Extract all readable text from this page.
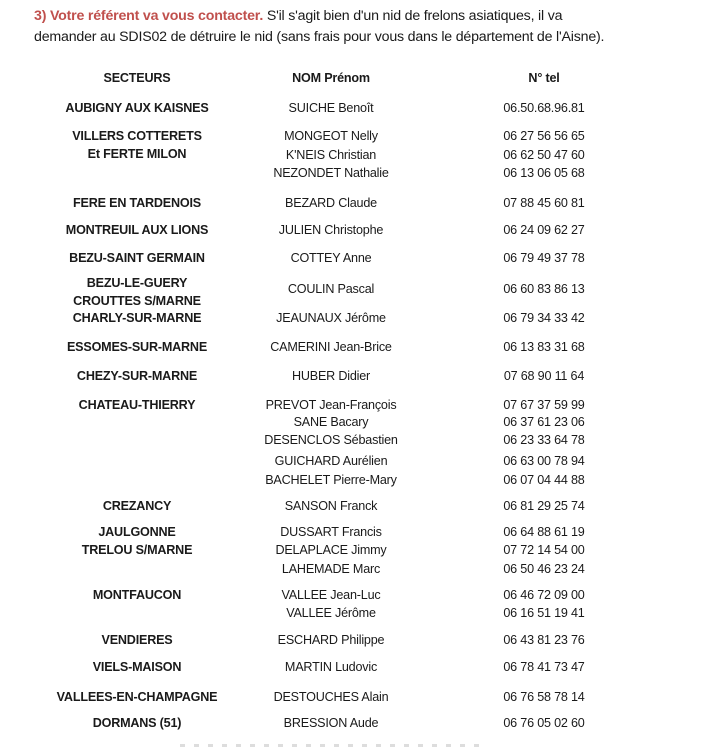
3) Votre référent va vous contacter. S'il s'agit bien d'un nid de frelons asiatiques, il va
demander au SDIS02 de détruire le nid (sans frais pour vous dans le département de l'Aisne).
SECTEURS	NOM Prénom	N° tel
AUBIGNY AUX KAISNES	SUICHE Benoît	06.50.68.96.81
VILLERS COTTERETS
Et FERTE MILON
MONGEOT Nelly	06 27 56 56 65
K'NEIS Christian	06 62 50 47 60
NEZONDET Nathalie	06 13 06 05 68
FERE EN TARDENOIS	BEZARD Claude	07 88 45 60 81
MONTREUIL AUX LIONS	JULIEN Christophe	06 24 09 62 27
BEZU-SAINT GERMAIN	COTTEY Anne	06 79 49 37 78
BEZU-LE-GUERY
CROUTTES S/MARNE
COULIN Pascal	06 60 83 86 13
CHARLY-SUR-MARNE	JEAUNAUX Jérôme	06 79 34 33 42
ESSOMES-SUR-MARNE	CAMERINI Jean-Brice	06 13 83 31 68
CHEZY-SUR-MARNE	HUBER Didier	07 68 90 11 64
CHATEAU-THIERRY	PREVOT Jean-François	07 67 37 59 99
SANE Bacary	06 37 61 23 06
DESENCLOS Sébastien	06 23 33 64 78
GUICHARD Aurélien	06 63 00 78 94
BACHELET Pierre-Mary	06 07 04 44 88
CREZANCY	SANSON Franck	06 81 29 25 74
JAULGONNE
TRELOU S/MARNE
DUSSART Francis	06 64 88 61 19
DELAPLACE Jimmy	07 72 14 54 00
LAHEMADE Marc	06 50 46 23 24
MONTFAUCON	VALLEE Jean-Luc	06 46 72 09 00
VALLEE Jérôme	06 16 51 19 41
VENDIERES	ESCHARD Philippe	06 43 81 23 76
VIELS-MAISON	MARTIN Ludovic	06 78 41 73 47
VALLEES-EN-CHAMPAGNE	DESTOUCHES Alain	06 76 58 78 14
DORMANS (51)	BRESSION Aude	06 76 05 02 60
